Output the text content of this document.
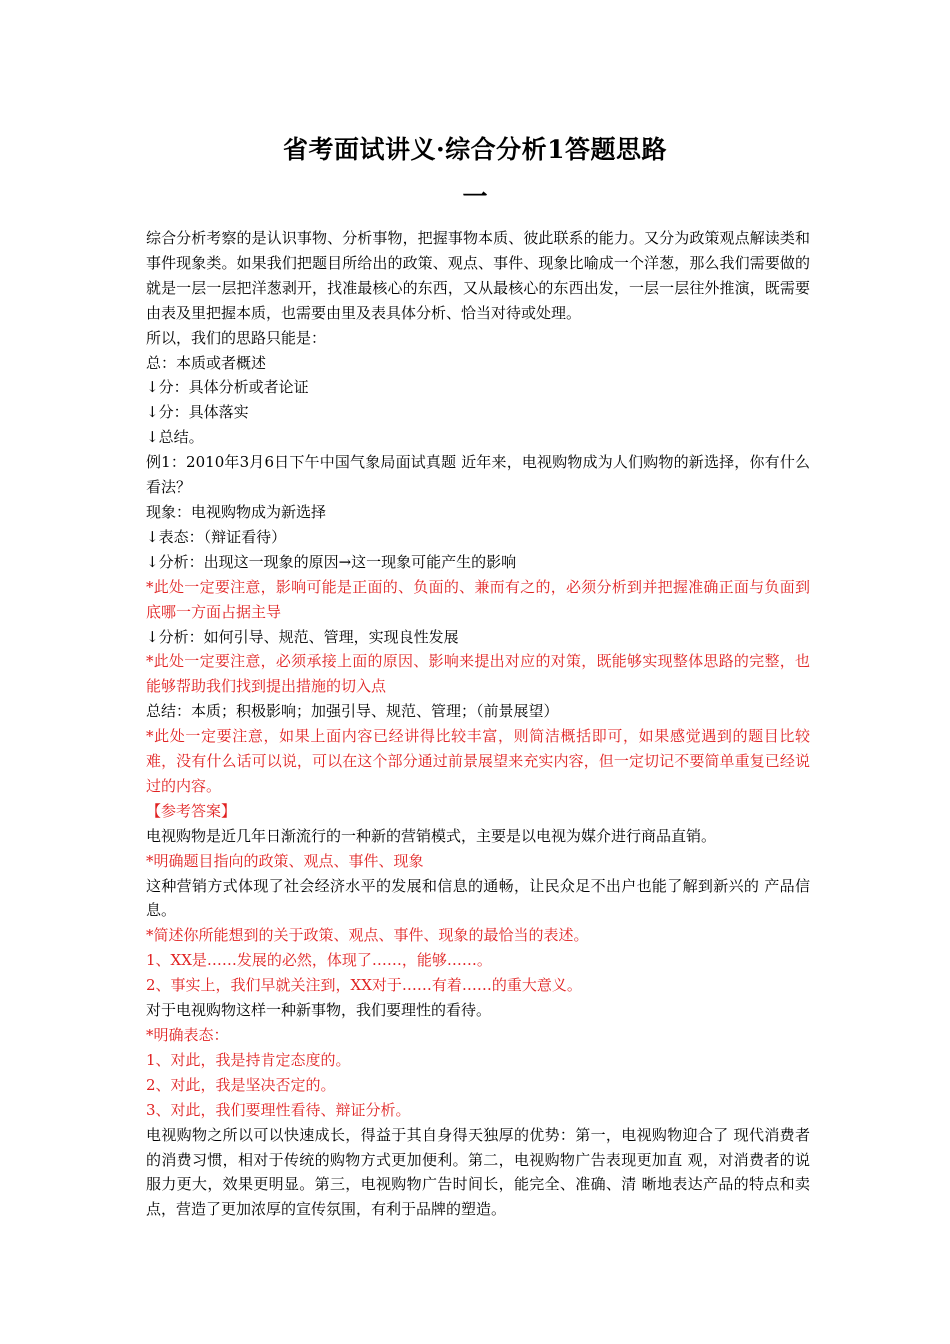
省考面试讲义·综合分析1答题思路
一

综合分析考察的是认识事物、分析事物，把握事物本质、彼此联系的能力。又分为政策观点解读类和事件现象类。如果我们把题目所给出的政策、观点、事件、现象比喻成一个洋葱，那么我们需要做的就是一层一层把洋葱剥开，找准最核心的东西，又从最核心的东西出发，一层一层往外推演，既需要由表及里把握本质，也需要由里及表具体分析、恰当对待或处理。

所以，我们的思路只能是：

总：本质或者概述

↓分：具体分析或者论证

↓分：具体落实

↓总结。

例1：2010年3月6日下午中国气象局面试真题 近年来，电视购物成为人们购物的新选择，你有什么看法？

现象：电视购物成为新选择

↓表态：（辩证看待）

↓分析：出现这一现象的原因→这一现象可能产生的影响

*此处一定要注意，影响可能是正面的、负面的、兼而有之的，必须分析到并把握准确正面与负面到底哪一方面占据主导

↓分析：如何引导、规范、管理，实现良性发展

*此处一定要注意，必须承接上面的原因、影响来提出对应的对策，既能够实现整体思路的完整，也能够帮助我们找到提出措施的切入点

总结：本质；积极影响；加强引导、规范、管理；（前景展望）

*此处一定要注意，如果上面内容已经讲得比较丰富，则简洁概括即可，如果感觉遇到的题目比较难，没有什么话可以说，可以在这个部分通过前景展望来充实内容，但一定切记不要简单重复已经说过的内容。

【参考答案】

电视购物是近几年日渐流行的一种新的营销模式，主要是以电视为媒介进行商品直销。

*明确题目指向的政策、观点、事件、现象

这种营销方式体现了社会经济水平的发展和信息的通畅，让民众足不出户也能了解到新兴的 产品信息。

*简述你所能想到的关于政策、观点、事件、现象的最恰当的表述。

1、XX是……发展的必然，体现了……，能够……。

2、事实上，我们早就关注到，XX对于……有着……的重大意义。

对于电视购物这样一种新事物，我们要理性的看待。

*明确表态：

1、对此，我是持肯定态度的。

2、对此，我是坚决否定的。

3、对此，我们要理性看待、辩证分析。

电视购物之所以可以快速成长，得益于其自身得天独厚的优势：第一，电视购物迎合了 现代消费者的消费习惯，相对于传统的购物方式更加便利。第二，电视购物广告表现更加直 观，对消费者的说服力更大，效果更明显。第三，电视购物广告时间长，能完全、准确、清 晰地表达产品的特点和卖点，营造了更加浓厚的宣传氛围，有利于品牌的塑造。
